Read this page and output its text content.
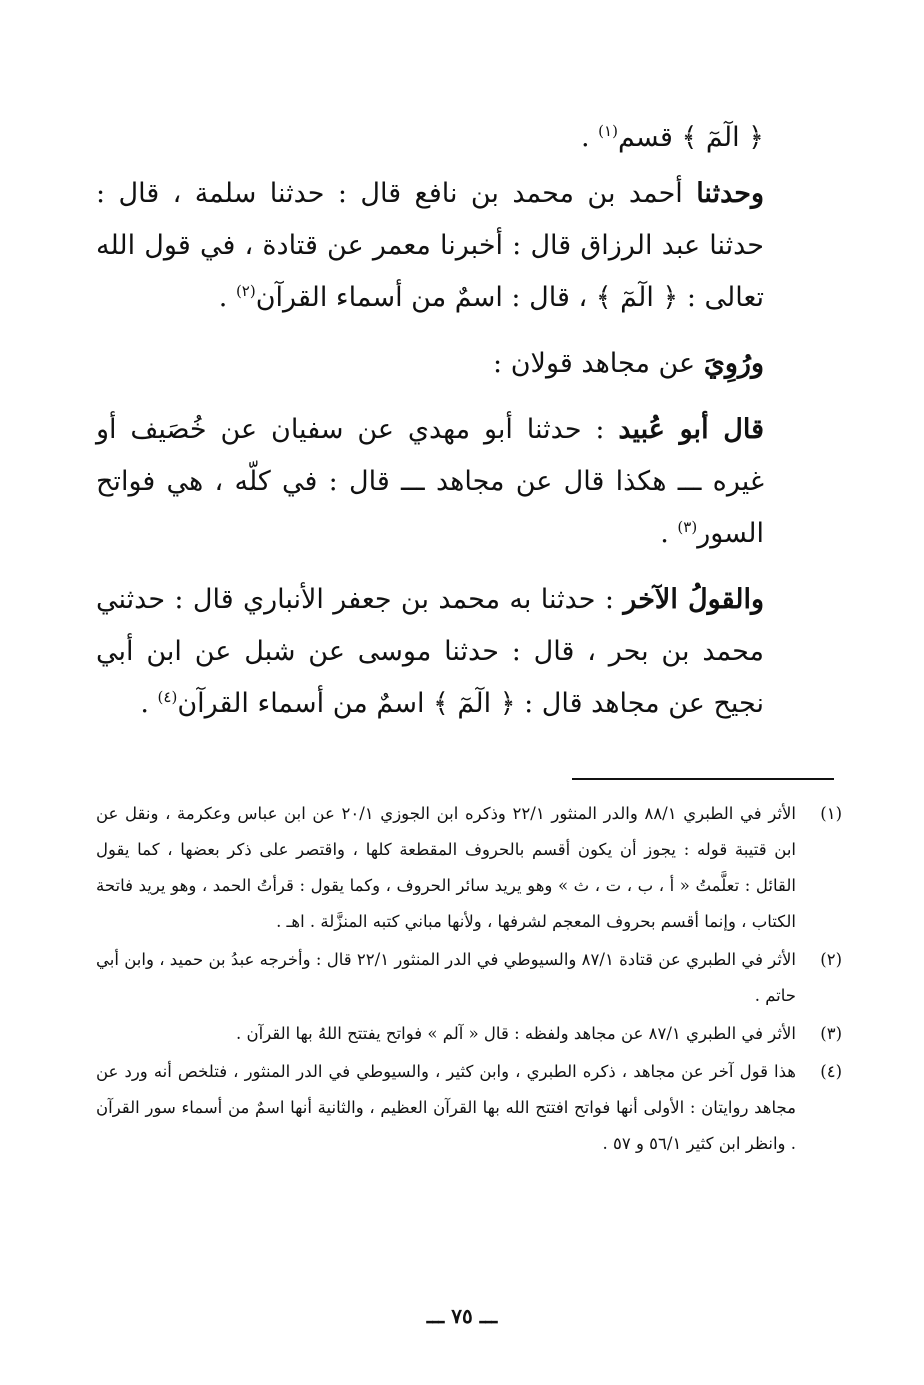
﴿ الٓمٓ ﴾ قسم$^{(١)}$ .

وحدثنا أحمد بن محمد بن نافع قال : حدثنا سلمة ، قال : حدثنا عبد الرزاق قال : أخبرنا معمر عن قتادة ، في قول الله تعالى : ﴿ الٓمٓ ﴾ ، قال : اسمٌ من أسماء القرآن$^{(٢)}$ .

ورُوِيَ عن مجاهد قولان :

قال أبو عُبيد : حدثنا أبو مهدي عن سفيان عن خُصَيف أو غيره ـــ هكذا قال عن مجاهد ـــ قال : في كلّه ، هي فواتح السور$^{(٣)}$ .

والقولُ الآخر : حدثنا به محمد بن جعفر الأنباري قال : حدثني محمد بن بحر ، قال : حدثنا موسى عن شبل عن ابن أبي نجيح عن مجاهد قال : ﴿ الٓمٓ ﴾ اسمٌ من أسماء القرآن$^{(٤)}$ .

(١)
الأثر في الطبري ٨٨/١ والدر المنثور ٢٢/١ وذكره ابن الجوزي ٢٠/١ عن ابن عباس وعكرمة ، ونقل عن ابن قتيبة قوله : يجوز أن يكون أقسم بالحروف المقطعة كلها ، واقتصر على ذكر بعضها ، كما يقول القائل : تعلَّمتُ « أ ، ب ، ت ، ث » وهو يريد سائر الحروف ، وكما يقول : قرأتُ الحمد ، وهو يريد فاتحة الكتاب ، وإنما أقسم بحروف المعجم لشرفها ، ولأنها مباني كتبه المنزَّلة . اهـ .
(٢)
الأثر في الطبري عن قتادة ٨٧/١ والسيوطي في الدر المنثور ٢٢/١ قال : وأخرجه عبدُ بن حميد ، وابن أبي حاتم .
(٣)
الأثر في الطبري ٨٧/١ عن مجاهد ولفظه : قال « آلم » فواتح يفتتح اللهُ بها القرآن .
(٤)
هذا قول آخر عن مجاهد ، ذكره الطبري ، وابن كثير ، والسيوطي في الدر المنثور ، فتلخص أنه ورد عن مجاهد روايتان : الأولى أنها فواتح افتتح الله بها القرآن العظيم ، والثانية أنها اسمٌ من أسماء سور القرآن . وانظر ابن كثير ٥٦/١ و ٥٧ .
ـــ ٧٥ ـــ
